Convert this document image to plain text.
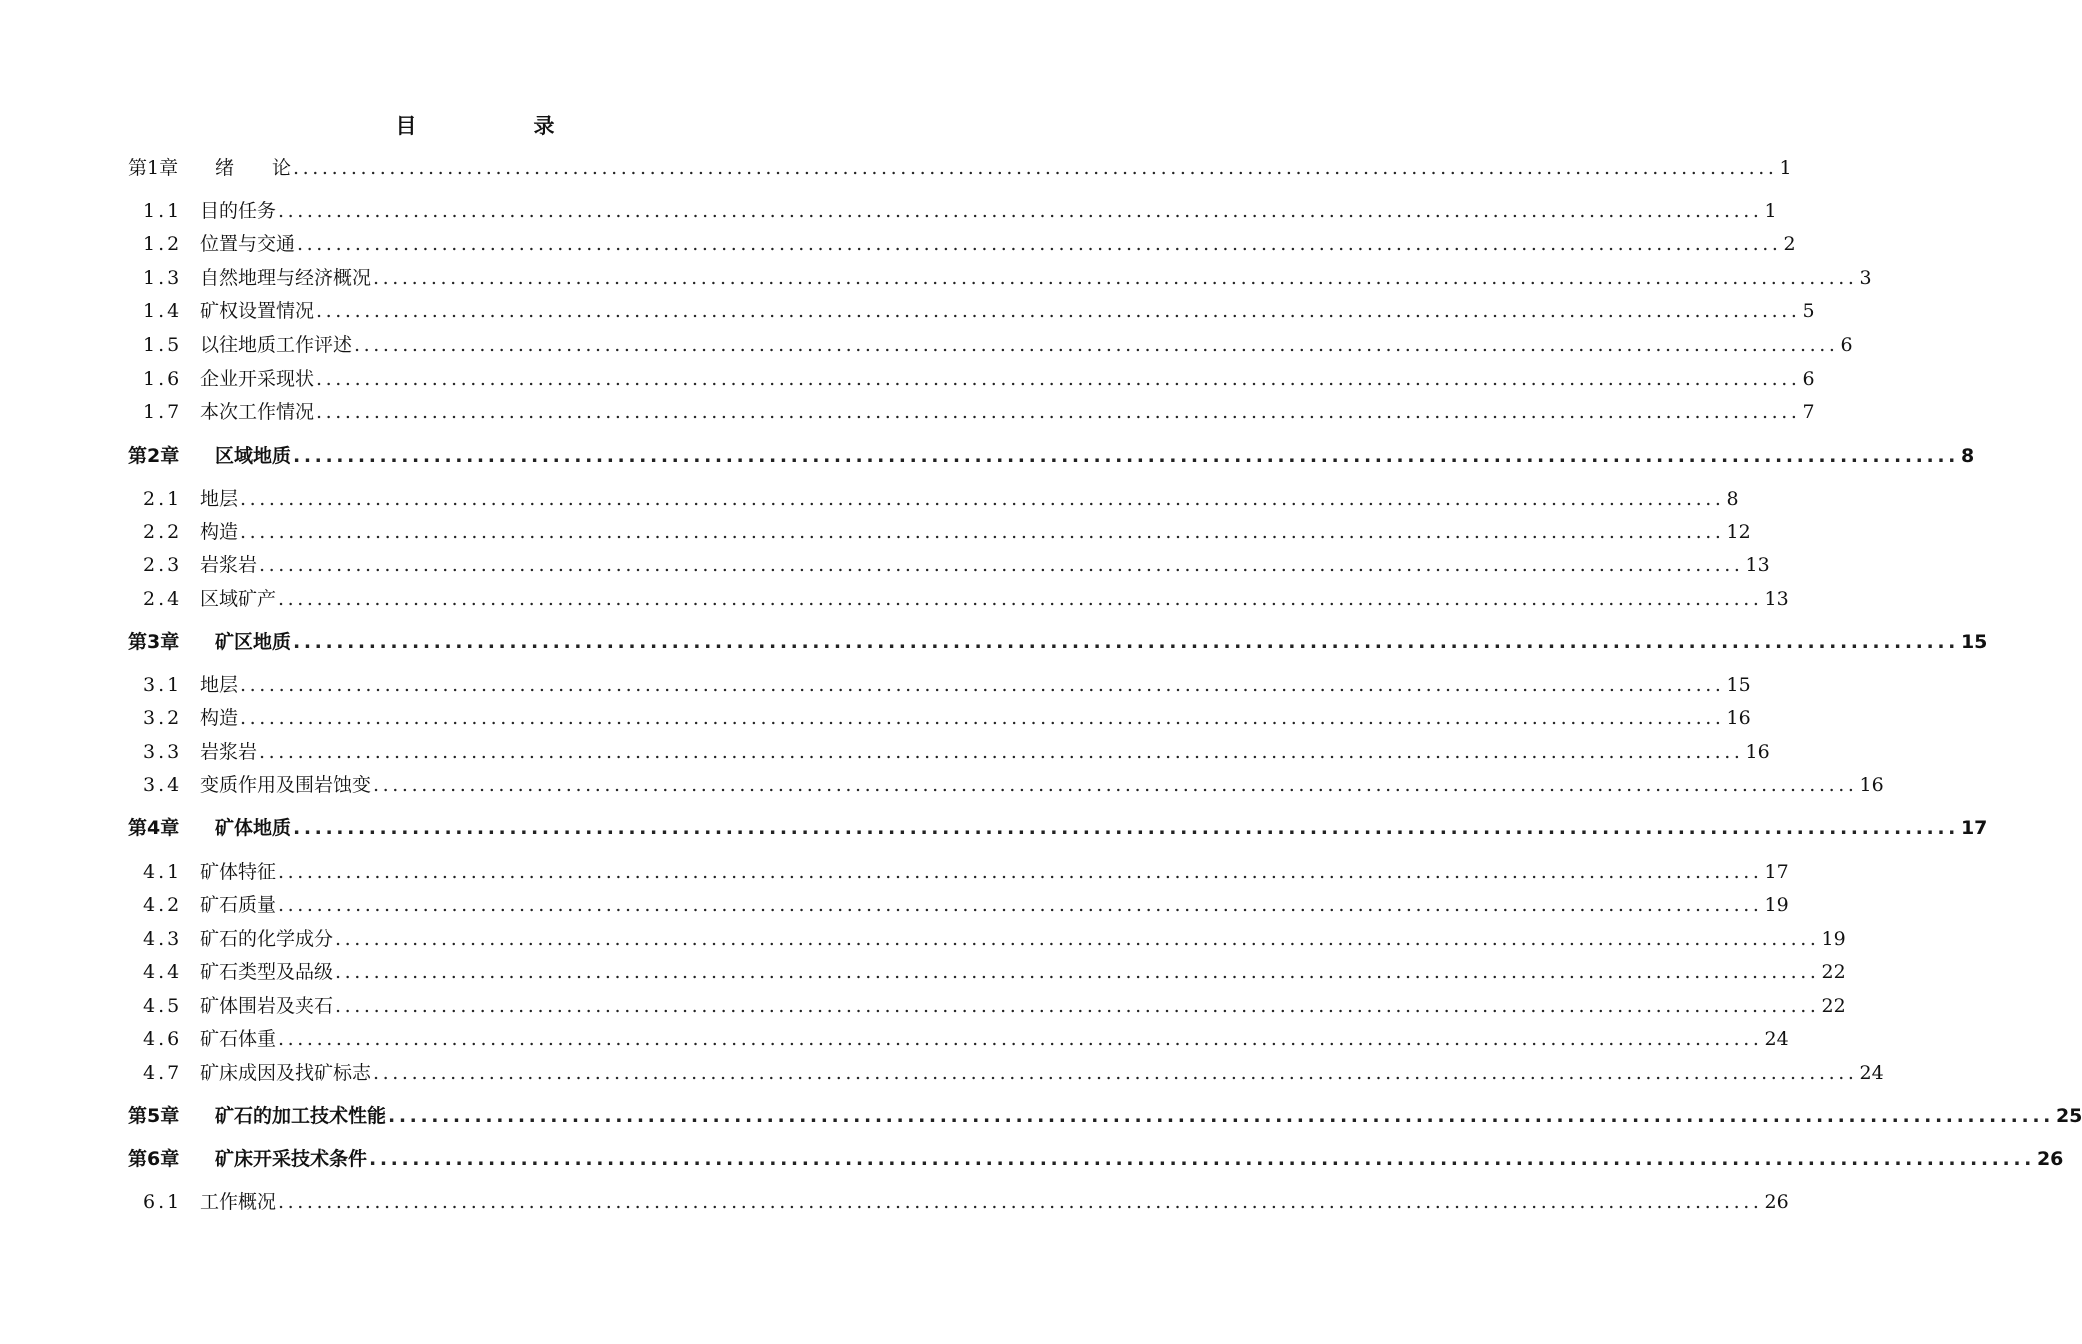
目　录
第1章	绪　　论 .......................................................................................................................................................... 1
1.1 目的任务 .......................................................................................................................................................... 1
1.2 位置与交通 .......................................................................................................................................................... 2
1.3 自然地理与经济概况 .......................................................................................................................................................... 3
1.4 矿权设置情况 .......................................................................................................................................................... 5
1.5 以往地质工作评述 .......................................................................................................................................................... 6
1.6 企业开采现状 .......................................................................................................................................................... 6
1.7 本次工作情况 .......................................................................................................................................................... 7
第2章	区域地质 .......................................................................................................................................................... 8
2.1 地层 .......................................................................................................................................................... 8
2.2 构造 .......................................................................................................................................................... 12
2.3 岩浆岩 .......................................................................................................................................................... 13
2.4 区域矿产 .......................................................................................................................................................... 13
第3章	矿区地质 .......................................................................................................................................................... 15
3.1 地层 .......................................................................................................................................................... 15
3.2 构造 .......................................................................................................................................................... 16
3.3 岩浆岩 .......................................................................................................................................................... 16
3.4 变质作用及围岩蚀变 .......................................................................................................................................................... 16
第4章	矿体地质 .......................................................................................................................................................... 17
4.1 矿体特征 .......................................................................................................................................................... 17
4.2 矿石质量 .......................................................................................................................................................... 19
4.3 矿石的化学成分 .......................................................................................................................................................... 19
4.4 矿石类型及品级 .......................................................................................................................................................... 22
4.5 矿体围岩及夹石 .......................................................................................................................................................... 22
4.6 矿石体重 .......................................................................................................................................................... 24
4.7 矿床成因及找矿标志 .......................................................................................................................................................... 24
第5章	矿石的加工技术性能 .......................................................................................................................................................... 25
第6章	矿床开采技术条件 .......................................................................................................................................................... 26
6.1 工作概况 .......................................................................................................................................................... 26
